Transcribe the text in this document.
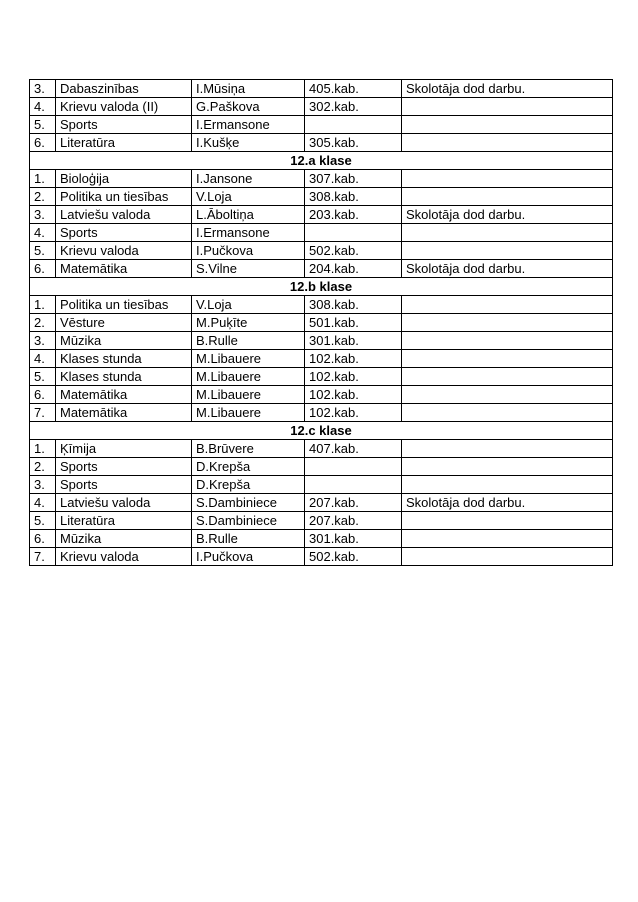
3.	Dabaszinības	I.Mūsiņa	405.kab.	Skolotāja dod darbu.
4.	Krievu valoda (II)	G.Paškova	302.kab.	
5.	Sports	I.Ermansone		
6.	Literatūra	I.Kušķe	305.kab.	
12.a klase				
1.	Bioloģija	I.Jansone	307.kab.	
2.	Politika un tiesības	V.Loja	308.kab.	
3.	Latviešu valoda	L.Āboltiņa	203.kab.	Skolotāja dod darbu.
4.	Sports	I.Ermansone		
5.	Krievu valoda	I.Pučkova	502.kab.	
6.	Matemātika	S.Vilne	204.kab.	Skolotāja dod darbu.
12.b klase				
1.	Politika un tiesības	V.Loja	308.kab.	
2.	Vēsture	M.Puķīte	501.kab.	
3.	Mūzika	B.Rulle	301.kab.	
4.	Klases stunda	M.Libauere	102.kab.	
5.	Klases stunda	M.Libauere	102.kab.	
6.	Matemātika	M.Libauere	102.kab.	
7.	Matemātika	M.Libauere	102.kab.	
12.c klase				
1.	Ķīmija	B.Brūvere	407.kab.	
2.	Sports	D.Krepša		
3.	Sports	D.Krepša		
4.	Latviešu valoda	S.Dambiniece	207.kab.	Skolotāja dod darbu.
5.	Literatūra	S.Dambiniece	207.kab.	
6.	Mūzika	B.Rulle	301.kab.	
7.	Krievu valoda	I.Pučkova	502.kab.	
